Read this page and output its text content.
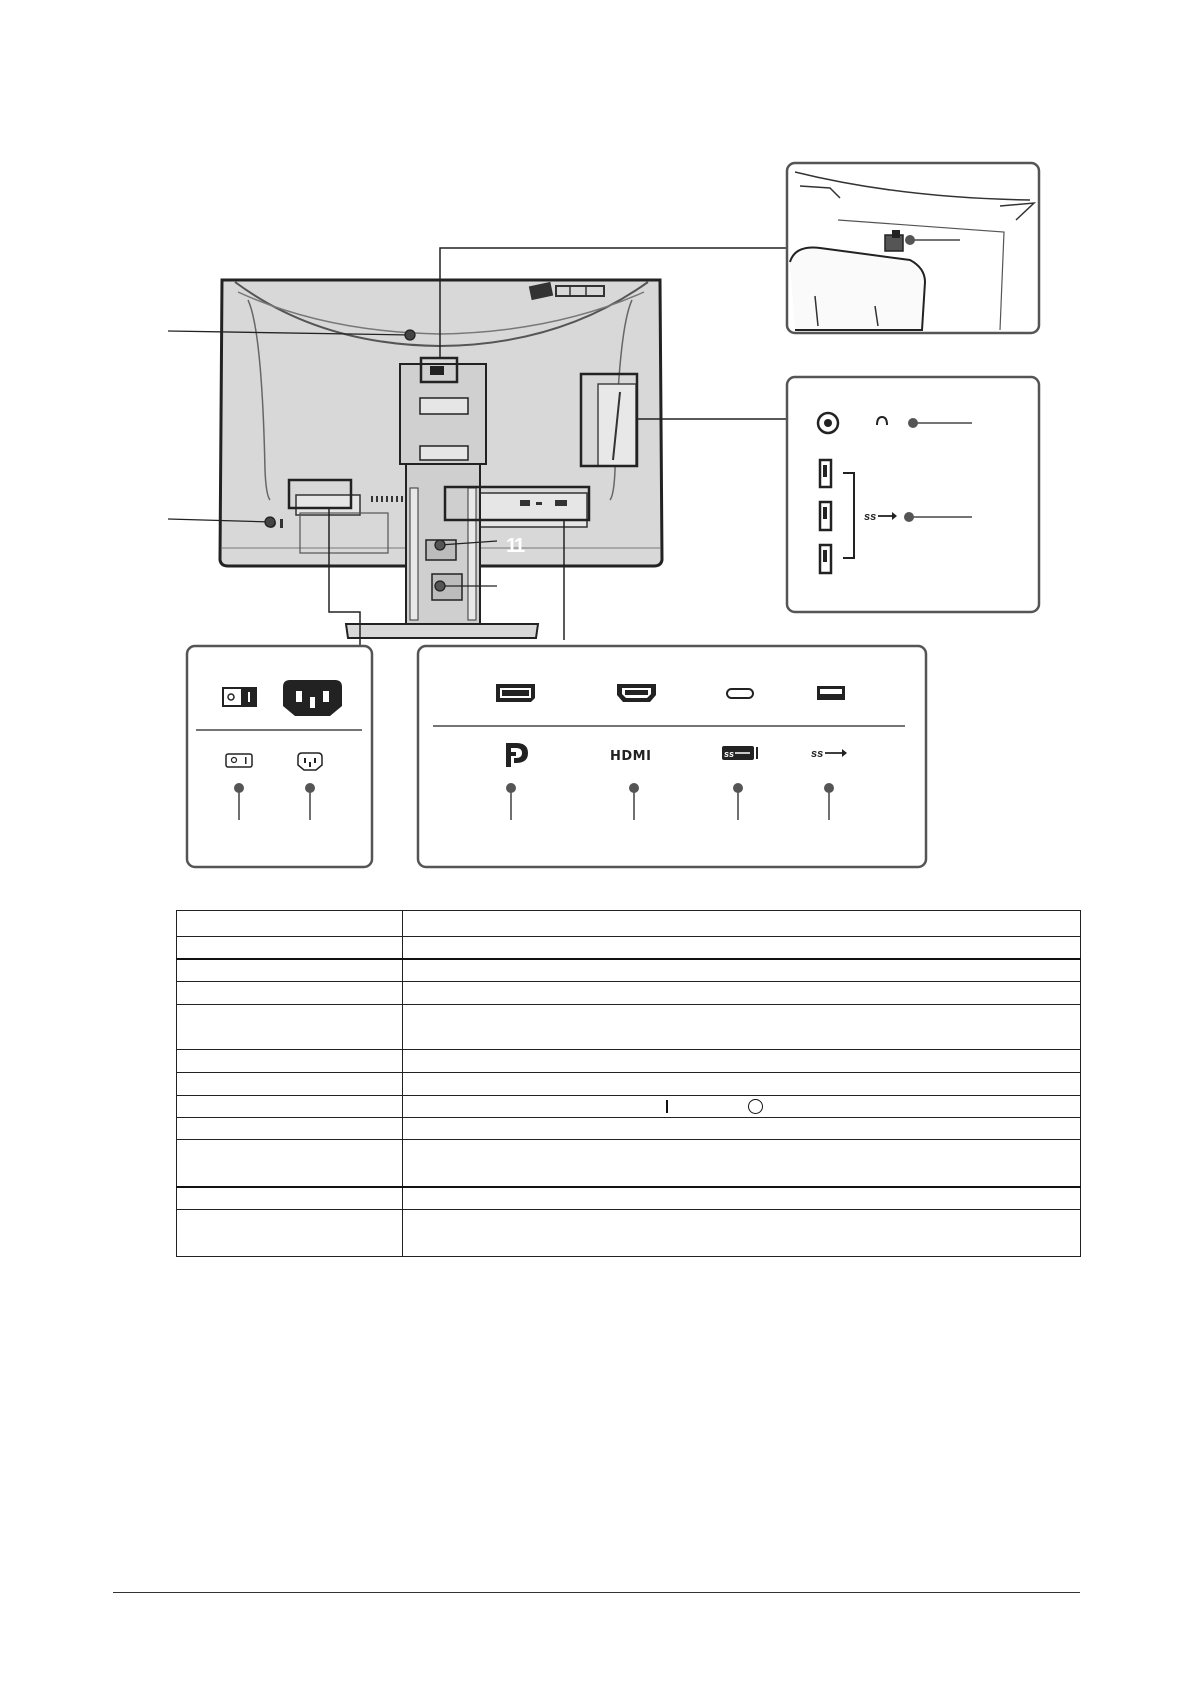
ss
HDMI	ss	ss
11
